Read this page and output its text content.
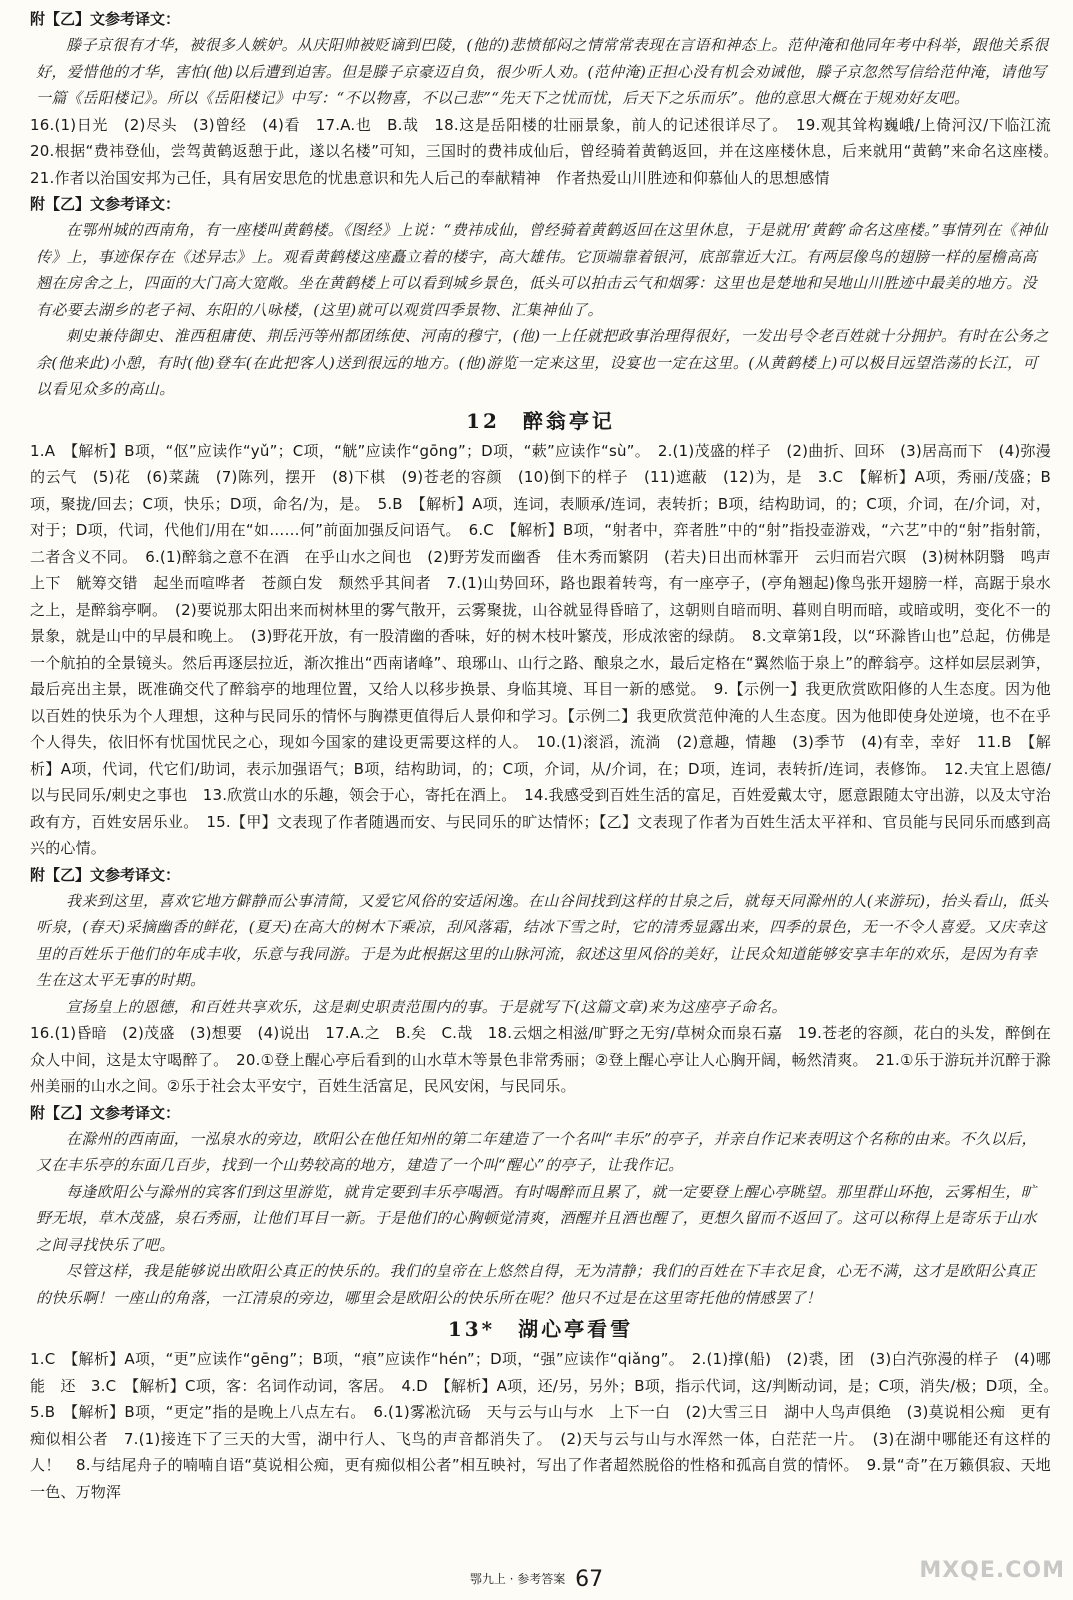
附【乙】文参考译文：

滕子京很有才华，被很多人嫉妒。从庆阳帅被贬谪到巴陵，(他的)悲愤郁闷之情常常表现在言语和神态上。范仲淹和他同年考中科举，跟他关系很好，爱惜他的才华，害怕(他)以后遭到迫害。但是滕子京豪迈自负，很少听人劝。(范仲淹)正担心没有机会劝诫他，滕子京忽然写信给范仲淹，请他写一篇《岳阳楼记》。所以《岳阳楼记》中写：“不以物喜，不以己悲”“先天下之忧而忧，后天下之乐而乐”。他的意思大概在于规劝好友吧。

16.(1)日光　(2)尽头　(3)曾经　(4)看　17.A.也　B.哉　18.这是岳阳楼的壮丽景象，前人的记述很详尽了。　19.观其耸构巍峨/上倚河汉/下临江流　20.根据“费祎登仙，尝驾黄鹤返憩于此，遂以名楼”可知，三国时的费祎成仙后，曾经骑着黄鹤返回，并在这座楼休息，后来就用“黄鹤”来命名这座楼。　21.作者以治国安邦为己任，具有居安思危的忧患意识和先人后己的奉献精神　作者热爱山川胜迹和仰慕仙人的思想感情

附【乙】文参考译文：

在鄂州城的西南角，有一座楼叫黄鹤楼。《图经》上说：“费祎成仙，曾经骑着黄鹤返回在这里休息，于是就用‘黄鹤’命名这座楼。”事情列在《神仙传》上，事迹保存在《述异志》上。观看黄鹤楼这座矗立着的楼宇，高大雄伟。它顶端靠着银河，底部靠近大江。有两层像鸟的翅膀一样的屋檐高高翘在房舍之上，四面的大门高大宽敞。坐在黄鹤楼上可以看到城乡景色，低头可以拍击云气和烟雾：这里也是楚地和吴地山川胜迹中最美的地方。没有必要去湖乡的老子祠、东阳的八咏楼，(这里)就可以观赏四季景物、汇集神仙了。

刺史兼侍御史、淮西租庸使、荆岳沔等州都团练使、河南的穆宁，(他)一上任就把政事治理得很好，一发出号令老百姓就十分拥护。有时在公务之余(他来此)小憩，有时(他)登车(在此把客人)送到很远的地方。(他)游览一定来这里，设宴也一定在这里。(从黄鹤楼上)可以极目远望浩荡的长江，可以看见众多的高山。

12　醉翁亭记

1.A　【解析】B项，“伛”应读作“yǔ”；C项，“觥”应读作“gōng”；D项，“蔌”应读作“sù”。　2.(1)茂盛的样子　(2)曲折、回环　(3)居高而下　(4)弥漫的云气　(5)花　(6)菜蔬　(7)陈列，摆开　(8)下棋　(9)苍老的容颜　(10)倒下的样子　(11)遮蔽　(12)为，是　3.C　【解析】A项，秀丽/茂盛；B项，聚拢/回去；C项，快乐；D项，命名/为，是。　5.B　【解析】A项，连词，表顺承/连词，表转折；B项，结构助词，的；C项，介词，在/介词，对，对于；D项，代词，代他们/用在“如……何”前面加强反问语气。　6.C　【解析】B项，“射者中，弈者胜”中的“射”指投壶游戏，“六艺”中的“射”指射箭，二者含义不同。　6.(1)醉翁之意不在酒　在乎山水之间也　(2)野芳发而幽香　佳木秀而繁阴　(若夫)日出而林霏开　云归而岩穴暝　(3)树林阴翳　鸣声上下　觥筹交错　起坐而喧哗者　苍颜白发　颓然乎其间者　7.(1)山势回环，路也跟着转弯，有一座亭子，(亭角翘起)像鸟张开翅膀一样，高踞于泉水之上，是醉翁亭啊。　(2)要说那太阳出来而树林里的雾气散开，云雾聚拢，山谷就显得昏暗了，这朝则自暗而明、暮则自明而暗，或暗或明，变化不一的景象，就是山中的早晨和晚上。　(3)野花开放，有一股清幽的香味，好的树木枝叶繁茂，形成浓密的绿荫。　8.文章第1段，以“环滁皆山也”总起，仿佛是一个航拍的全景镜头。然后再逐层拉近，渐次推出“西南诸峰”、琅琊山、山行之路、酿泉之水，最后定格在“翼然临于泉上”的醉翁亭。这样如层层剥笋，最后亮出主景，既准确交代了醉翁亭的地理位置，又给人以移步换景、身临其境、耳目一新的感觉。　9.【示例一】我更欣赏欧阳修的人生态度。因为他以百姓的快乐为个人理想，这种与民同乐的情怀与胸襟更值得后人景仰和学习。【示例二】我更欣赏范仲淹的人生态度。因为他即使身处逆境，也不在乎个人得失，依旧怀有忧国忧民之心，现如今国家的建设更需要这样的人。　10.(1)滚滔，流淌　(2)意趣，情趣　(3)季节　(4)有幸，幸好　11.B　【解析】A项，代词，代它们/助词，表示加强语气；B项，结构助词，的；C项，介词，从/介词，在；D项，连词，表转折/连词，表修饰。　12.夫宜上恩德/以与民同乐/刺史之事也　13.欣赏山水的乐趣，领会于心，寄托在酒上。　14.我感受到百姓生活的富足，百姓爱戴太守，愿意跟随太守出游，以及太守治政有方，百姓安居乐业。　15.【甲】文表现了作者随遇而安、与民同乐的旷达情怀；【乙】文表现了作者为百姓生活太平祥和、官员能与民同乐而感到高兴的心情。

附【乙】文参考译文：

我来到这里，喜欢它地方僻静而公事清简，又爱它风俗的安适闲逸。在山谷间找到这样的甘泉之后，就每天同滁州的人(来游玩)，抬头看山，低头听泉，(春天)采摘幽香的鲜花，(夏天)在高大的树木下乘凉，刮风落霜，结冰下雪之时，它的清秀显露出来，四季的景色，无一不令人喜爱。又庆幸这里的百姓乐于他们的年成丰收，乐意与我同游。于是为此根据这里的山脉河流，叙述这里风俗的美好，让民众知道能够安享丰年的欢乐，是因为有幸生在这太平无事的时期。

宣扬皇上的恩德，和百姓共享欢乐，这是刺史职责范围内的事。于是就写下(这篇文章)来为这座亭子命名。

16.(1)昏暗　(2)茂盛　(3)想要　(4)说出　17.A.之　B.矣　C.哉　18.云烟之相滋/旷野之无穷/草树众而泉石嘉　19.苍老的容颜，花白的头发，醉倒在众人中间，这是太守喝醉了。　20.①登上醒心亭后看到的山水草木等景色非常秀丽；②登上醒心亭让人心胸开阔，畅然清爽。　21.①乐于游玩并沉醉于滁州美丽的山水之间。②乐于社会太平安宁，百姓生活富足，民风安闲，与民同乐。

附【乙】文参考译文：

在滁州的西南面，一泓泉水的旁边，欧阳公在他任知州的第二年建造了一个名叫“丰乐”的亭子，并亲自作记来表明这个名称的由来。不久以后，又在丰乐亭的东面几百步，找到一个山势较高的地方，建造了一个叫“醒心”的亭子，让我作记。

每逢欧阳公与滁州的宾客们到这里游览，就肯定要到丰乐亭喝酒。有时喝醉而且累了，就一定要登上醒心亭眺望。那里群山环抱，云雾相生，旷野无垠，草木茂盛，泉石秀丽，让他们耳目一新。于是他们的心胸顿觉清爽，酒醒并且酒也醒了，更想久留而不返回了。这可以称得上是寄乐于山水之间寻找快乐了吧。

尽管这样，我是能够说出欧阳公真正的快乐的。我们的皇帝在上悠然自得，无为清静；我们的百姓在下丰衣足食，心无不满，这才是欧阳公真正的快乐啊！一座山的角落，一江清泉的旁边，哪里会是欧阳公的快乐所在呢？他只不过是在这里寄托他的情感罢了！

13*　湖心亭看雪

1.C　【解析】A项，“更”应读作“gēng”；B项，“痕”应读作“hén”；D项，“强”应读作“qiǎng”。　2.(1)撑(船)　(2)裘，团　(3)白汽弥漫的样子　(4)哪能　还　3.C　【解析】C项，客：名词作动词，客居。　4.D　【解析】A项，还/另，另外；B项，指示代词，这/判断动词，是；C项，消失/极；D项，全。　5.B　【解析】B项，“更定”指的是晚上八点左右。　6.(1)雾凇沆砀　天与云与山与水　上下一白　(2)大雪三日　湖中人鸟声俱绝　(3)莫说相公痴　更有痴似相公者　7.(1)接连下了三天的大雪，湖中行人、飞鸟的声音都消失了。　(2)天与云与山与水浑然一体，白茫茫一片。　(3)在湖中哪能还有这样的人！　8.与结尾舟子的喃喃自语“莫说相公痴，更有痴似相公者”相互映衬，写出了作者超然脱俗的性格和孤高自赏的情怀。　9.景“奇”在万籁俱寂、天地一色、万物浑

鄂九上 · 参考答案 67	MXQE.COM
